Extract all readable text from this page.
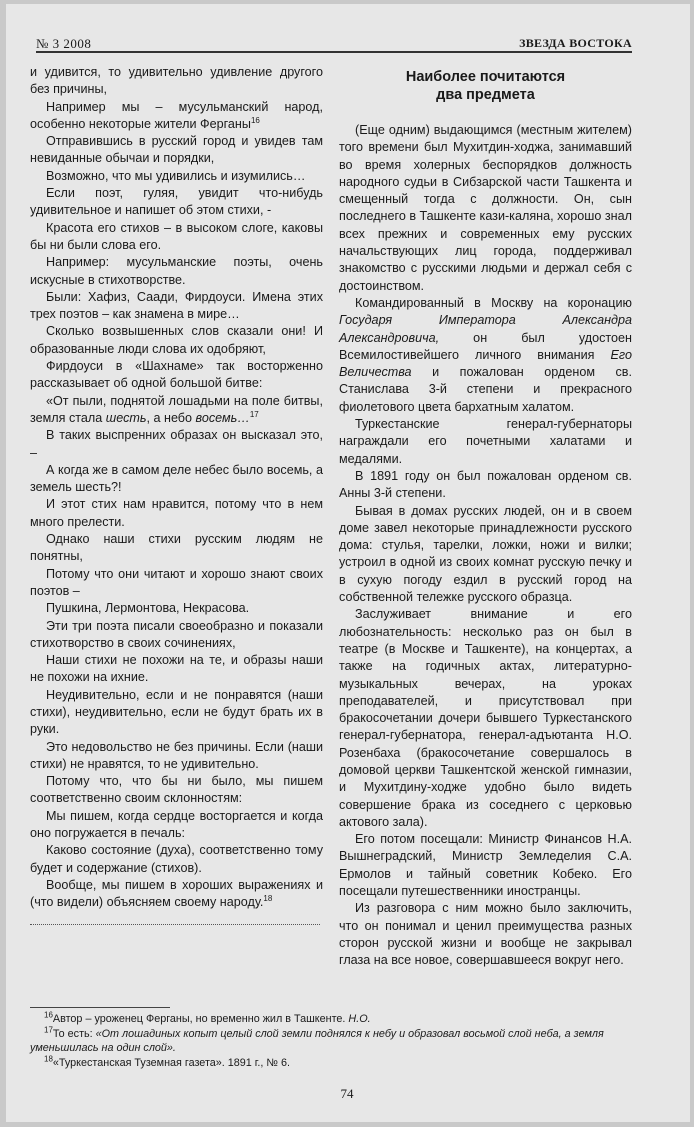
№ 3 2008	ЗВЕЗДА ВОСТОКА

и удивится, то удивительно удивление другого без причины,

Например мы – мусульманский народ, особенно некоторые жители Ферганы$^{16}$

Отправившись в русский город и увидев там невиданные обычаи и порядки,

Возможно, что мы удивились и изумились…

Если поэт, гуляя, увидит что-нибудь удивительное и напишет об этом стихи, -

Красота его стихов – в высоком слоге, каковы бы ни были слова его.

Например: мусульманские поэты, очень искусные в стихотворстве.

Были: Хафиз, Саади, Фирдоуси. Имена этих трех поэтов – как знамена в мире…

Сколько возвышенных слов сказали они! И образованные люди слова их одобряют,

Фирдоуси в «Шахнаме» так восторженно рассказывает об одной большой битве:

«От пыли, поднятой лошадьми на поле битвы, земля стала шесть, а небо восемь…$^{17}$

В таких выспренних образах он высказал это, –

А когда же в самом деле небес было восемь, а земель шесть?!

И этот стих нам нравится, потому что в нем много прелести.

Однако наши стихи русским людям не понятны,

Потому что они читают и хорошо знают своих поэтов –

Пушкина, Лермонтова, Некрасова.

Эти три поэта писали своеобразно и показали стихотворство в своих сочинениях,

Наши стихи не похожи на те, и образы наши не похожи на ихние.

Неудивительно, если и не понравятся (наши стихи), неудивительно, если не будут брать их в руки.

Это недовольство не без причины. Если (наши стихи) не нравятся, то не удивительно.

Потому что, что бы ни было, мы пишем соответственно своим склонностям:

Мы пишем, когда сердце восторгается и когда оно погружается в печаль:

Каково состояние (духа), соответственно тому будет и содержание (стихов).

Вообще, мы пишем в хороших выражениях и (что видели) объясняем своему народу.$^{18}$

Наиболее почитаются
два предмета

(Еще одним) выдающимся (местным жителем) того времени был Мухитдин-ходжа, занимавший во время холерных беспорядков должность народного судьи в Сибзарской части Ташкента и смещенный тогда с должности. Он, сын последнего в Ташкенте кази-каляна, хорошо знал всех прежних и современных ему русских начальствующих лиц города, поддерживал знакомство с русскими людьми и держал себя с достоинством.

Командированный в Москву на коронацию Государя Императора Александра Александровича, он был удостоен Всемилостивейшего личного внимания Его Величества и пожалован орденом св. Станислава 3-й степени и прекрасного фиолетового цвета бархатным халатом.

Туркестанские генерал-губернаторы награждали его почетными халатами и медалями.

В 1891 году он был пожалован орденом св. Анны 3-й степени.

Бывая в домах русских людей, он и в своем доме завел некоторые принадлежности русского дома: стулья, тарелки, ложки, ножи и вилки; устроил в одной из своих комнат русскую печку и в сухую погоду ездил в русский город на собственной тележке русского образца.

Заслуживает внимание и его любознательность: несколько раз он был в театре (в Москве и Ташкенте), на концертах, а также на годичных актах, литературно-музыкальных вечерах, на уроках преподавателей, и присутствовал при бракосочетании дочери бывшего Туркестанского генерал-губернатора, генерал-адъютанта Н.О. Розенбаха (бракосочетание совершалось в домовой церкви Ташкентской женской гимназии, и Мухитдину-ходже удобно было видеть совершение брака из соседнего с церковью актового зала).

Его потом посещали: Министр Финансов Н.А. Вышнеградский, Министр Земледелия С.А. Ермолов и тайный советник Кобеко. Его посещали путешественники иностранцы.

Из разговора с ним можно было заключить, что он понимал и ценил преимущества разных сторон русской жизни и вообще не закрывал глаза на все новое, совершавшееся вокруг него.

$^{16}$Автор – уроженец Ферганы, но временно жил в Ташкенте. Н.О.

$^{17}$То есть: «От лошадиных копыт целый слой земли поднялся к небу и образовал восьмой слой неба, а земля уменьшилась на один слой».

$^{18}$«Туркестанская Туземная газета». 1891 г., № 6.

74
